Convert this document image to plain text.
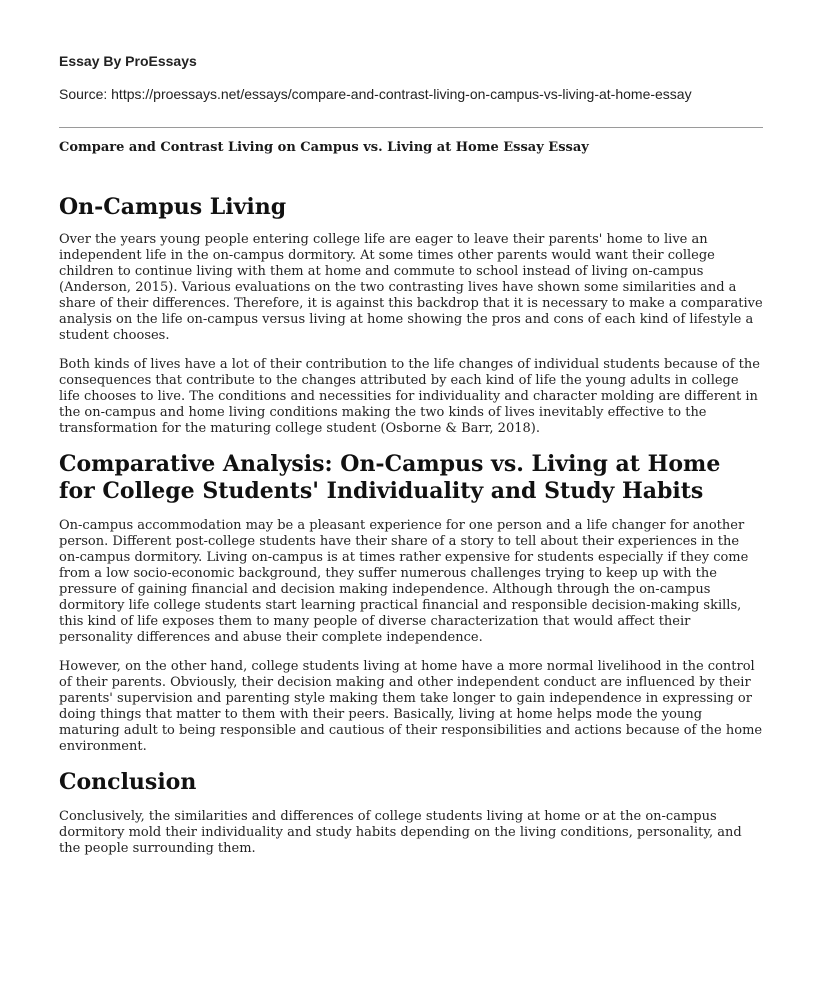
Essay By ProEssays
Source: https://proessays.net/essays/compare-and-contrast-living-on-campus-vs-living-at-home-essay
Compare and Contrast Living on Campus vs. Living at Home Essay Essay
On-Campus Living

Over the years young people entering college life are eager to leave their parents' home to live an independent life in the on-campus dormitory. At some times other parents would want their college children to continue living with them at home and commute to school instead of living on-campus (Anderson, 2015). Various evaluations on the two contrasting lives have shown some similarities and a share of their differences. Therefore, it is against this backdrop that it is necessary to make a comparative analysis on the life on-campus versus living at home showing the pros and cons of each kind of lifestyle a student chooses.

Both kinds of lives have a lot of their contribution to the life changes of individual students because of the consequences that contribute to the changes attributed by each kind of life the young adults in college life chooses to live. The conditions and necessities for individuality and character molding are different in the on-campus and home living conditions making the two kinds of lives inevitably effective to the transformation for the maturing college student (Osborne & Barr, 2018).

Comparative Analysis: On-Campus vs. Living at Home for College Students' Individuality and Study Habits

On-campus accommodation may be a pleasant experience for one person and a life changer for another person. Different post-college students have their share of a story to tell about their experiences in the on-campus dormitory. Living on-campus is at times rather expensive for students especially if they come from a low socio-economic background, they suffer numerous challenges trying to keep up with the pressure of gaining financial and decision making independence. Although through the on-campus dormitory life college students start learning practical financial and responsible decision-making skills, this kind of life exposes them to many people of diverse characterization that would affect their personality differences and abuse their complete independence.

However, on the other hand, college students living at home have a more normal livelihood in the control of their parents. Obviously, their decision making and other independent conduct are influenced by their parents' supervision and parenting style making them take longer to gain independence in expressing or doing things that matter to them with their peers. Basically, living at home helps mode the young maturing adult to being responsible and cautious of their responsibilities and actions because of the home environment.

Conclusion

Conclusively, the similarities and differences of college students living at home or at the on-campus dormitory mold their individuality and study habits depending on the living conditions, personality, and the people surrounding them.
